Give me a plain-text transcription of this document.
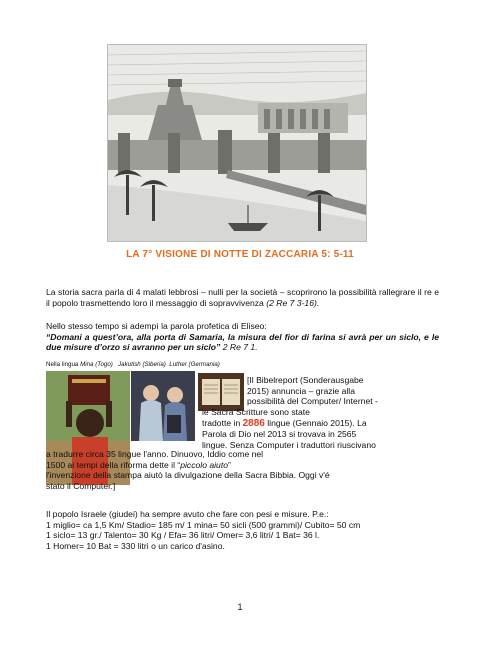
LA 7° VISIONE DI NOTTE DI ZACCARIA 5: 5-11
La storia sacra parla di 4 malati lebbrosi – nulli per la società – scoprirono la possibilità rallegrare il re e il popolo trasmettendo loro il messaggio di sopravvivenza (2 Re 7 3-16).
Nello stesso tempo si adempì la parola profetica di Eliseo:
“Domani a quest’ora, alla porta di Samaria, la misura del fior di farina si avrà per un siclo, e le due misure d’orzo si avranno per un siclo” 2 Re 7 1.
Nella lingua Mina (Togo) Jakutish (Siberia) Luther (Germania)
[Il Bibelreport (Sonderausgabe
2015) annuncia – grazie alla
possibilità del Computer/ Internet -
le Sacra Scritture sono state
tradotte in 2886 lingue (Gennaio 2015). La
Parola di Dio nel 2013 si trovava in 2565
lingue. Senza Computer i traduttori riuscivano
a tradurre circa 35 lingue l'anno. Dinuovo, Iddio come nel
1500 ai tempi della riforma dette il “piccolo aiuto”
l'invenzione della stampa aiutò la divulgazione della Sacra Bibbia. Oggi v'é
stato il Computer.]
Il popolo Israele (giudei) ha sempre avuto che fare con pesi e misure. P.e.:
1 miglio= ca 1,5 Km/ Stadio= 185 m/ 1 mina= 50 sicli (500 grammi)/ Cubito= 50 cm
1 siclo= 13 gr./ Talento= 30 Kg / Efa= 36 litri/ Omer= 3,6 litri/ 1 Bat= 36 l.
1 Homer= 10 Bat = 330 litri o un carico d'asino.
1
